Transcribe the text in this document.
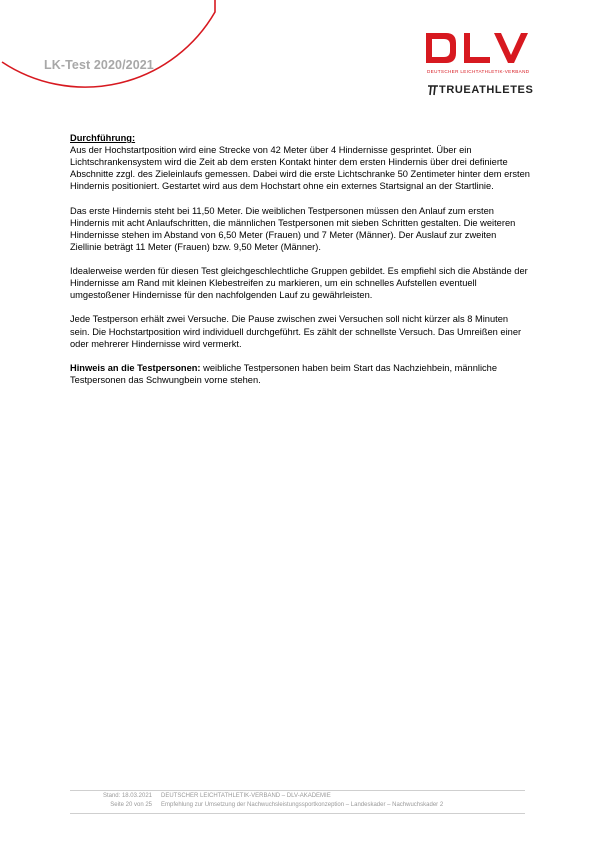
LK-Test 2020/2021	DEUTSCHER LEICHTATHLETIK-VERBAND
TRUEATHLETES
Durchführung:

Aus der Hochstartposition wird eine Strecke von 42 Meter über 4 Hindernisse gesprintet. Über ein Lichtschrankensystem wird die Zeit ab dem ersten Kontakt hinter dem ersten Hindernis über drei definierte Abschnitte zzgl. des Zieleinlaufs gemessen. Dabei wird die erste Lichtschranke 50 Zentimeter hinter dem ersten Hindernis positioniert. Gestartet wird aus dem Hochstart ohne ein externes Startsignal an der Startlinie.

Das erste Hindernis steht bei 11,50 Meter. Die weiblichen Testpersonen müssen den Anlauf zum ersten Hindernis mit acht Anlaufschritten, die männlichen Testpersonen mit sieben Schritten gestalten. Die weiteren Hindernisse stehen im Abstand von 6,50 Meter (Frauen) und 7 Meter (Männer). Der Auslauf zur zweiten Ziellinie beträgt 11 Meter (Frauen) bzw. 9,50 Meter (Männer).

Idealerweise werden für diesen Test gleichgeschlechtliche Gruppen gebildet. Es empfiehl sich die Abstände der Hindernisse am Rand mit kleinen Klebestreifen zu markieren, um ein schnelles Aufstellen eventuell umgestoßener Hindernisse für den nachfolgenden Lauf zu gewährleisten.

Jede Testperson erhält zwei Versuche. Die Pause zwischen zwei Versuchen soll nicht kürzer als 8 Minuten sein. Die Hochstartposition wird individuell durchgeführt. Es zählt der schnellste Versuch. Das Umreißen einer oder mehrerer Hindernisse wird vermerkt.

Hinweis an die Testpersonen: weibliche Testpersonen haben beim Start das Nachziehbein, männliche Testpersonen das Schwungbein vorne stehen.

Stand: 18.03.2021 DEUTSCHER LEICHTATHLETIK-VERBAND – DLV-AKADEMIE
Seite 20 von 25 Empfehlung zur Umsetzung der Nachwuchsleistungssportkonzeption – Landeskader – Nachwuchskader 2
